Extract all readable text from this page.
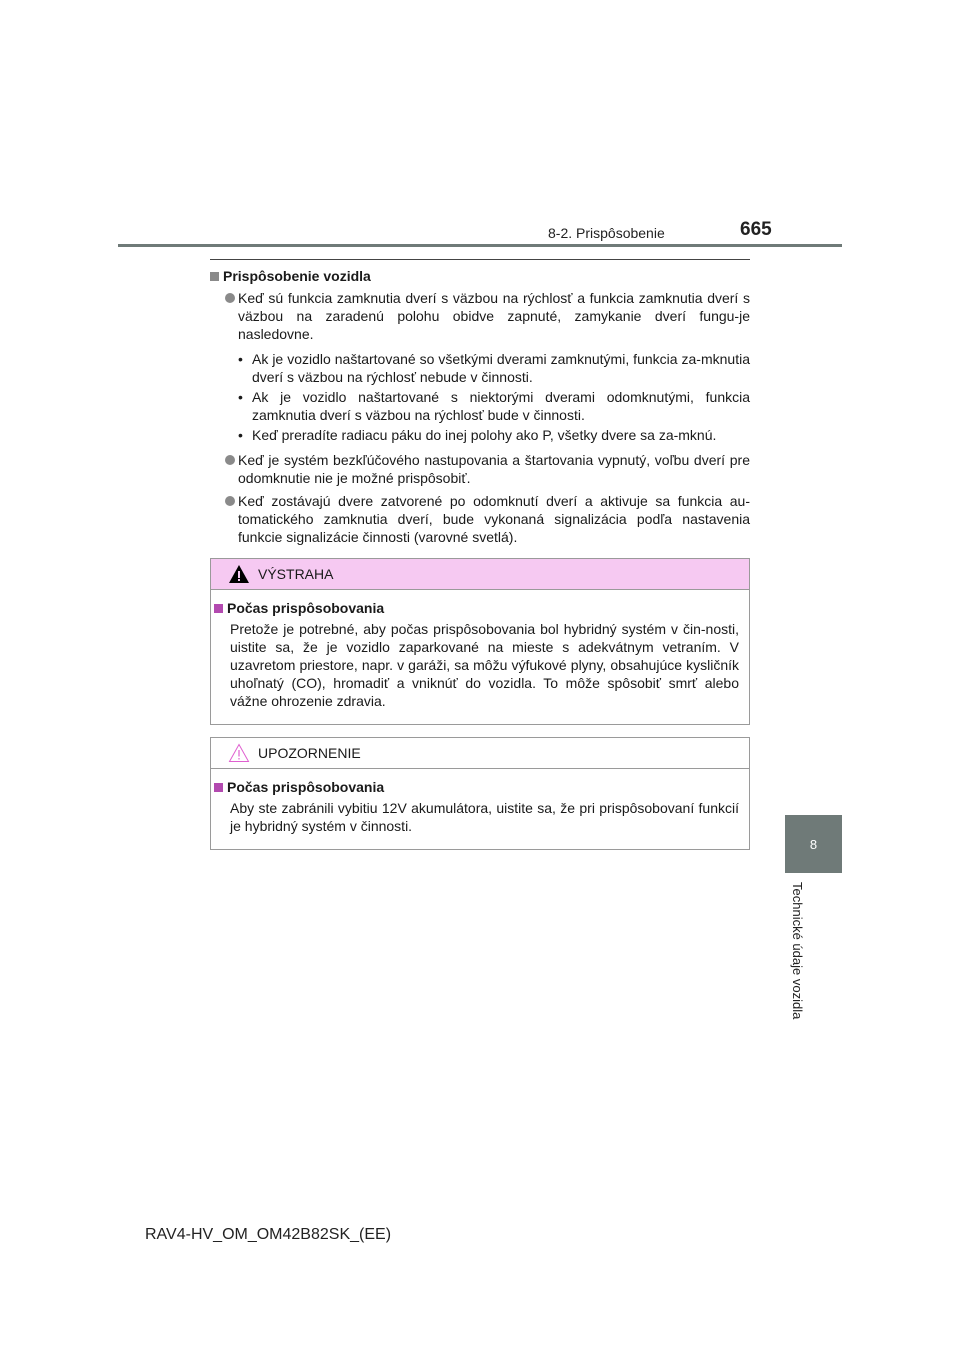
8-2. Prispôsobenie	665
8
Technické údaje vozidla
Prispôsobenie vozidla
Keď sú funkcia zamknutia dverí s väzbou na rýchlosť a funkcia zamknutia dverí s väzbou na zaradenú polohu obidve zapnuté, zamykanie dverí fungu-je nasledovne.
• Ak je vozidlo naštartované so všetkými dverami zamknutými, funkcia za-mknutia dverí s väzbou na rýchlosť nebude v činnosti.
• Ak je vozidlo naštartované s niektorými dverami odomknutými, funkcia zamknutia dverí s väzbou na rýchlosť bude v činnosti.
• Keď preradíte radiacu páku do inej polohy ako P, všetky dvere sa za-mknú.
Keď je systém bezkľúčového nastupovania a štartovania vypnutý, voľbu dverí pre odomknutie nie je možné prispôsobiť.
Keď zostávajú dvere zatvorené po odomknutí dverí a aktivuje sa funkcia au-tomatického zamknutia dverí, bude vykonaná signalizácia podľa nastavenia funkcie signalizácie činnosti (varovné svetlá).
VÝSTRAHA
Počas prispôsobovania
Pretože je potrebné, aby počas prispôsobovania bol hybridný systém v čin-nosti, uistite sa, že je vozidlo zaparkované na mieste s adekvátnym vetraním. V uzavretom priestore, napr. v garáži, sa môžu výfukové plyny, obsahujúce kysličník uhoľnatý (CO), hromadiť a vniknúť do vozidla. To môže spôsobiť smrť alebo vážne ohrozenie zdravia.
UPOZORNENIE
Počas prispôsobovania
Aby ste zabránili vybitiu 12V akumulátora, uistite sa, že pri prispôsobovaní funkcií je hybridný systém v činnosti.
RAV4-HV_OM_OM42B82SK_(EE)
